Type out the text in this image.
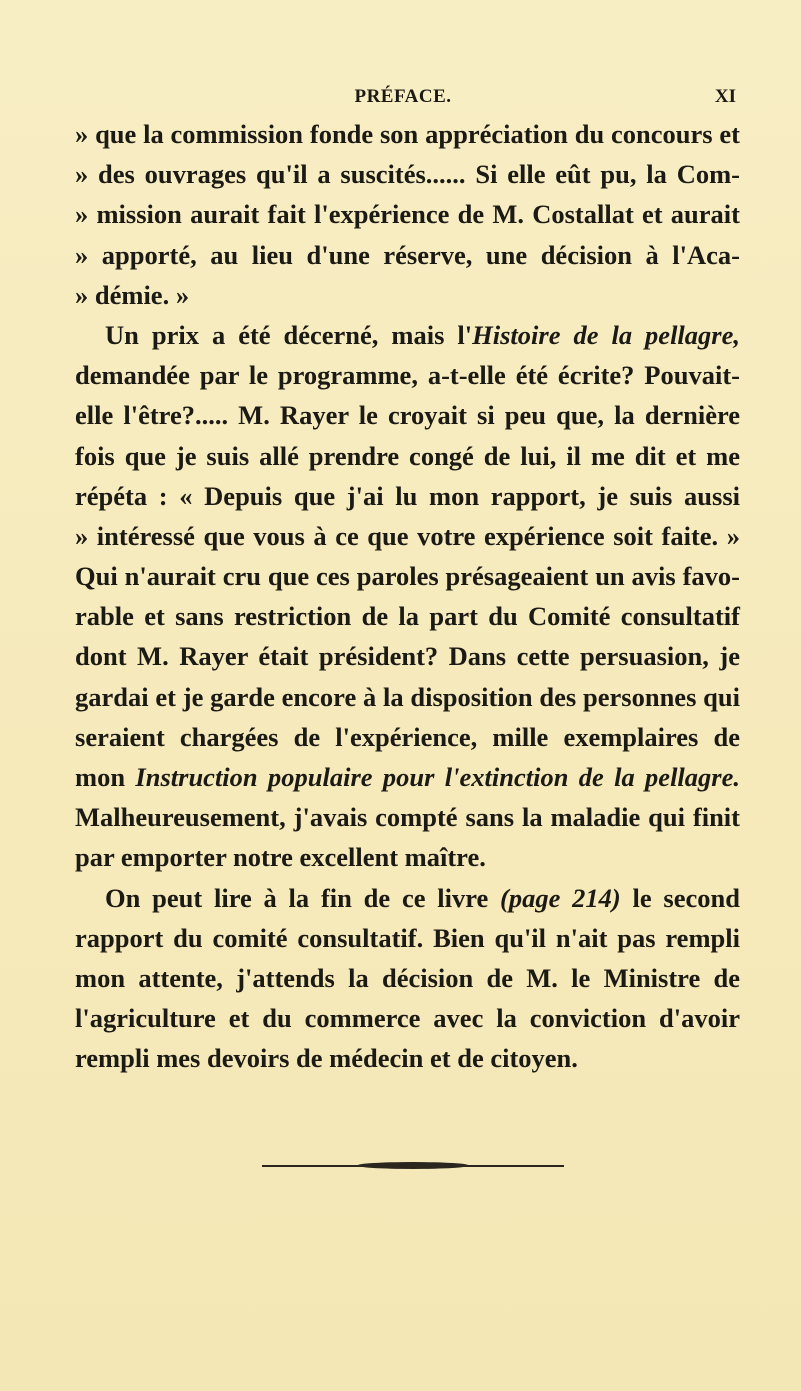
PRÉFACE.	XI
» que la commission fonde son appréciation du concours et
» des ouvrages qu'il a suscités...... Si elle eût pu, la Com-
» mission aurait fait l'expérience de M. Costallat et aurait
» apporté, au lieu d'une réserve, une décision à l'Aca-
» démie. »
Un prix a été décerné, mais l'Histoire de la pellagre,
demandée par le programme, a-t-elle été écrite? Pouvait-
elle l'être?..... M. Rayer le croyait si peu que, la dernière
fois que je suis allé prendre congé de lui, il me dit et me
répéta : « Depuis que j'ai lu mon rapport, je suis aussi
» intéressé que vous à ce que votre expérience soit faite. »
Qui n'aurait cru que ces paroles présageaient un avis favo-
rable et sans restriction de la part du Comité consultatif
dont M. Rayer était président? Dans cette persuasion, je
gardai et je garde encore à la disposition des personnes qui
seraient chargées de l'expérience, mille exemplaires de
mon Instruction populaire pour l'extinction de la pellagre.
Malheureusement, j'avais compté sans la maladie qui finit
par emporter notre excellent maître.
On peut lire à la fin de ce livre (page 214) le second
rapport du comité consultatif. Bien qu'il n'ait pas rempli
mon attente, j'attends la décision de M. le Ministre de
l'agriculture et du commerce avec la conviction d'avoir
rempli mes devoirs de médecin et de citoyen.
